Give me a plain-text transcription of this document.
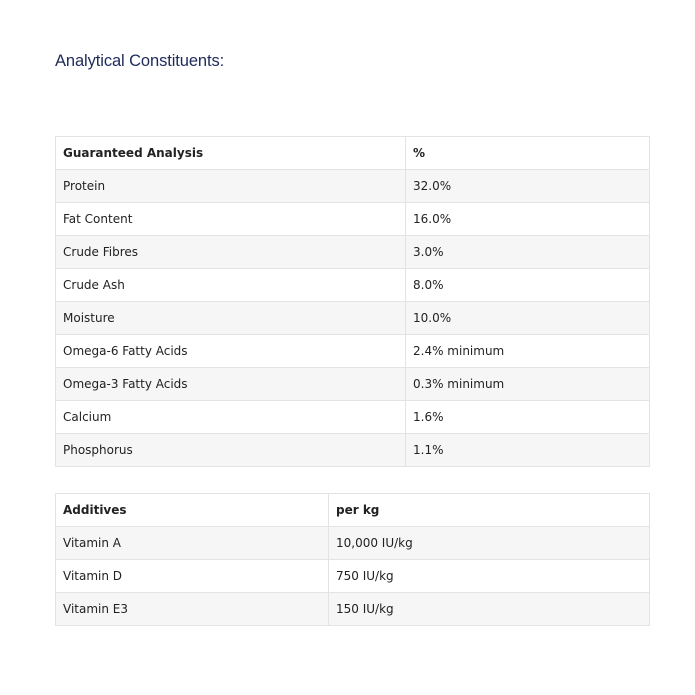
Analytical Constituents:
Guaranteed Analysis	%
Protein	32.0%
Fat Content	16.0%
Crude Fibres	3.0%
Crude Ash	8.0%
Moisture	10.0%
Omega-6 Fatty Acids	2.4% minimum
Omega-3 Fatty Acids	0.3% minimum
Calcium	1.6%
Phosphorus	1.1%
Additives	per kg
Vitamin A	10,000 IU/kg
Vitamin D	750 IU/kg
Vitamin E3	150 IU/kg
